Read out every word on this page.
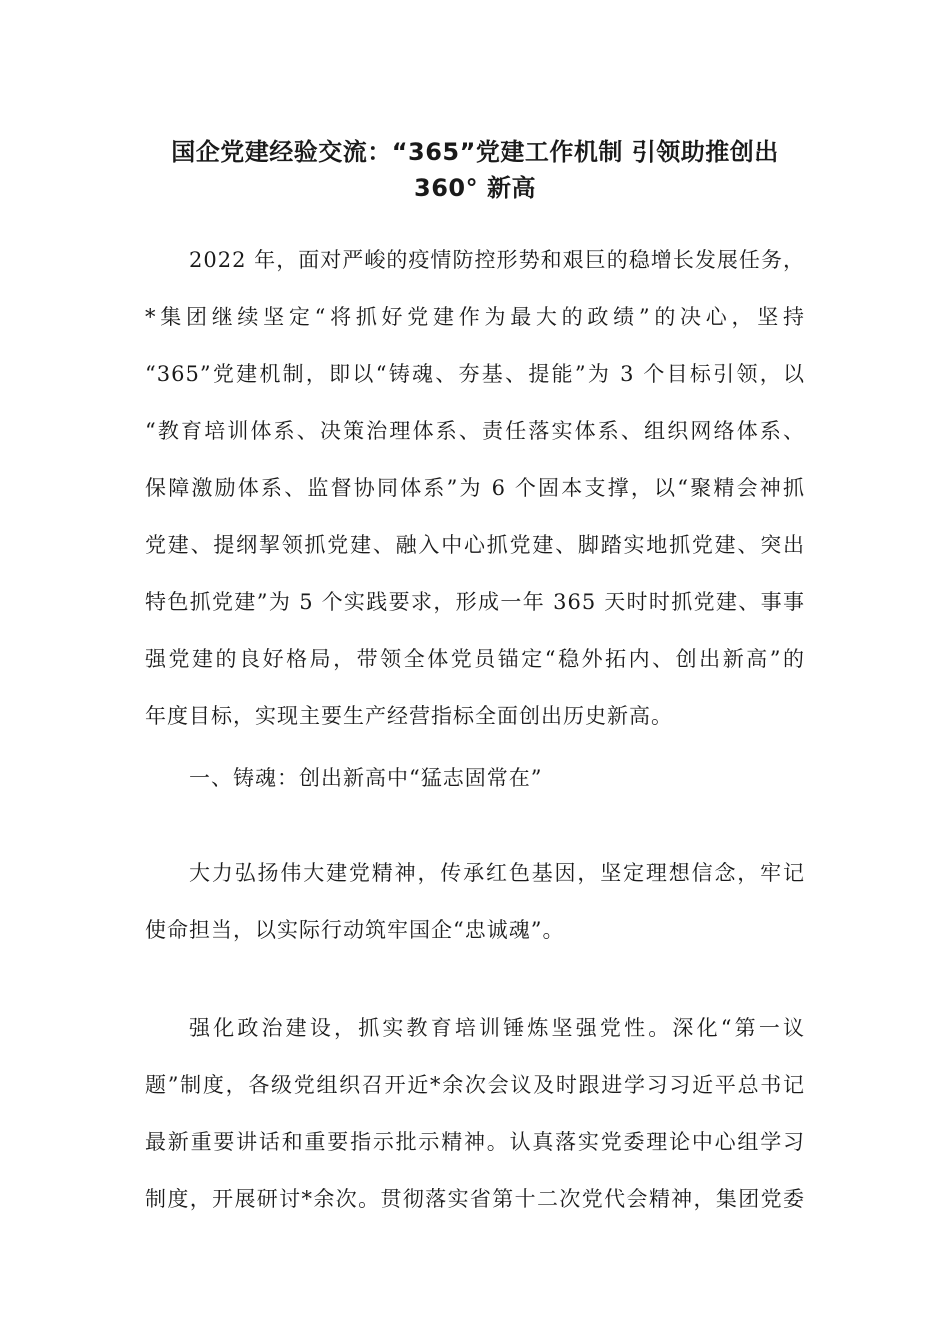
国企党建经验交流：“365”党建工作机制 引领助推创出
360° 新高
2022 年，面对严峻的疫情防控形势和艰巨的稳增长发展任务，
*集团继续坚定“将抓好党建作为最大的政绩”的决心，坚持
“365”党建机制，即以“铸魂、夯基、提能”为 3 个目标引领，以
“教育培训体系、决策治理体系、责任落实体系、组织网络体系、
保障激励体系、监督协同体系”为 6 个固本支撑，以“聚精会神抓
党建、提纲挈领抓党建、融入中心抓党建、脚踏实地抓党建、突出
特色抓党建”为 5 个实践要求，形成一年 365 天时时抓党建、事事
强党建的良好格局，带领全体党员锚定“稳外拓内、创出新高”的
年度目标，实现主要生产经营指标全面创出历史新高。
一、铸魂：创出新高中“猛志固常在”
大力弘扬伟大建党精神，传承红色基因，坚定理想信念，牢记
使命担当，以实际行动筑牢国企“忠诚魂”。
强化政治建设，抓实教育培训锤炼坚强党性。深化“第一议
题”制度，各级党组织召开近*余次会议及时跟进学习习近平总书记
最新重要讲话和重要指示批示精神。认真落实党委理论中心组学习
制度，开展研讨*余次。贯彻落实省第十二次党代会精神，集团党委
